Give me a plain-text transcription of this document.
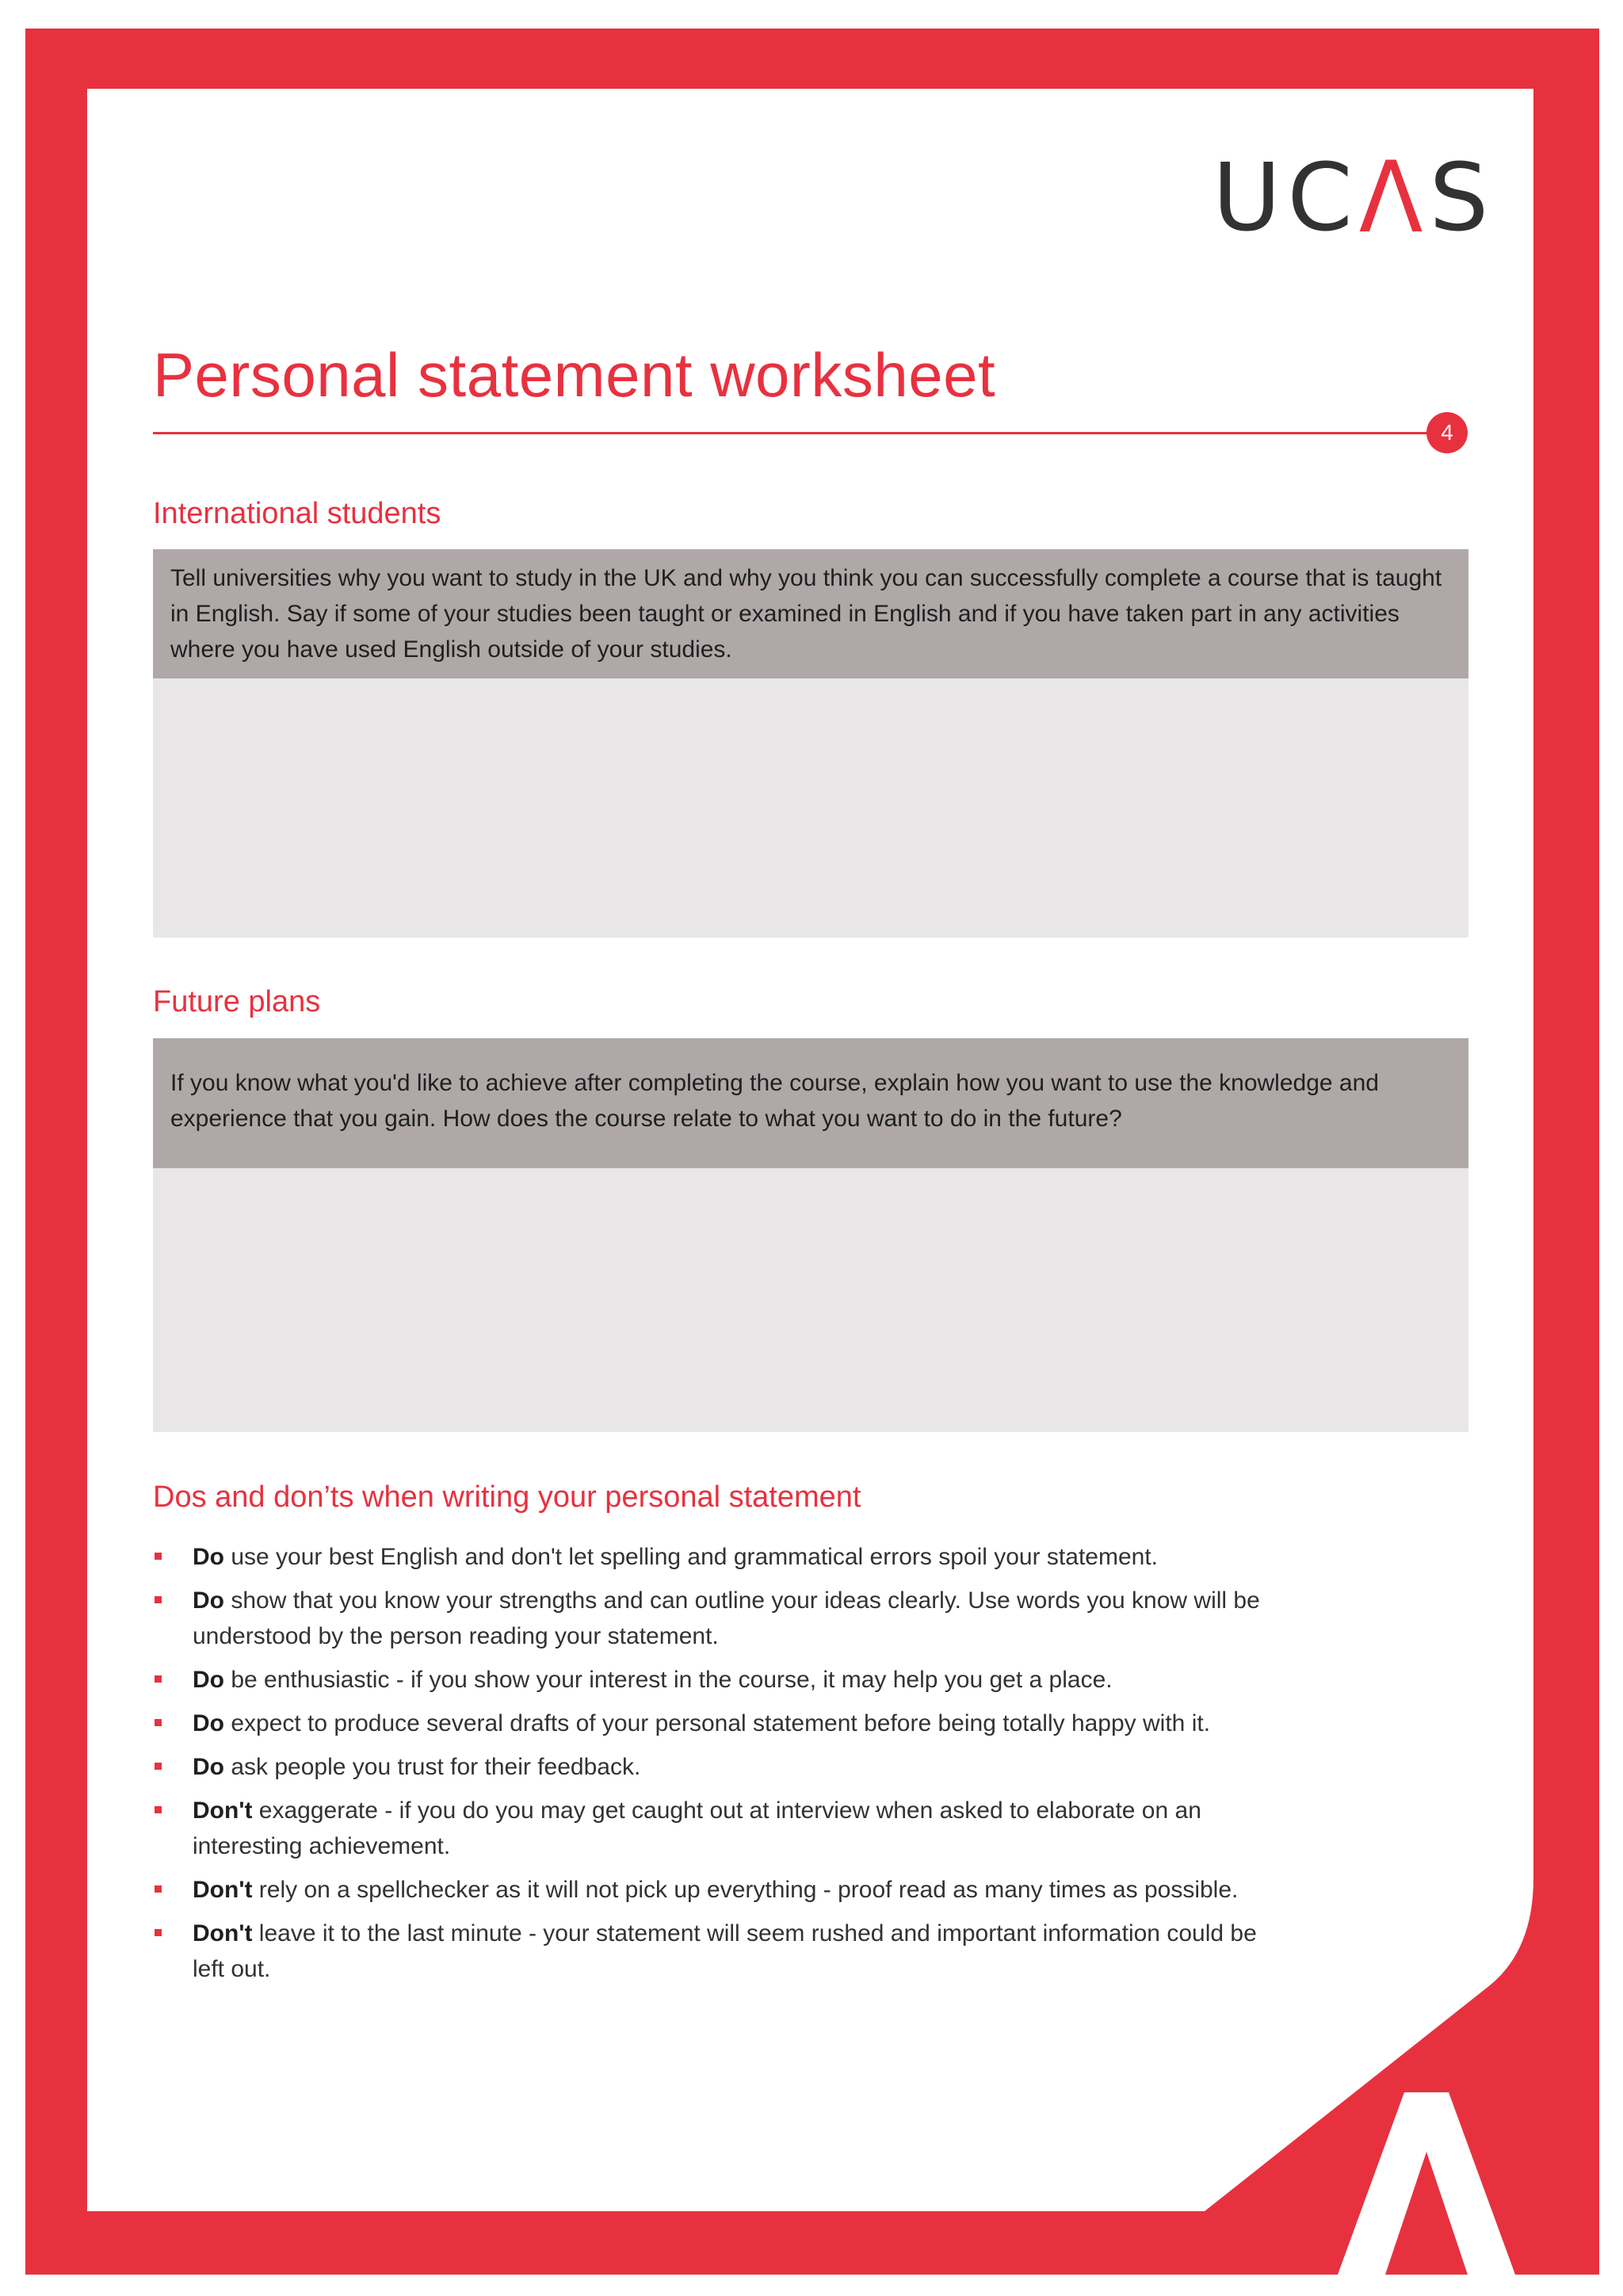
UCΛS
Personal statement worksheet
4
International students
Tell universities why you want to study in the UK and why you think you can successfully complete a course that is taught in English. Say if some of your studies been taught or examined in English and if you have taken part in any activities where you have used English outside of your studies.
Future plans
If you know what you'd like to achieve after completing the course, explain how you want to use the knowledge and experience that you gain. How does the course relate to what you want to do in the future?
Dos and don’ts when writing your personal statement
Do use your best English and don't let spelling and grammatical errors spoil your statement.
Do show that you know your strengths and can outline your ideas clearly. Use words you know will be understood by the person reading your statement.
Do be enthusiastic - if you show your interest in the course, it may help you get a place.
Do expect to produce several drafts of your personal statement before being totally happy with it.
Do ask people you trust for their feedback.
Don't exaggerate - if you do you may get caught out at interview when asked to elaborate on an interesting achievement.
Don't rely on a spellchecker as it will not pick up everything - proof read as many times as possible.
Don't leave it to the last minute - your statement will seem rushed and important information could be left out.
